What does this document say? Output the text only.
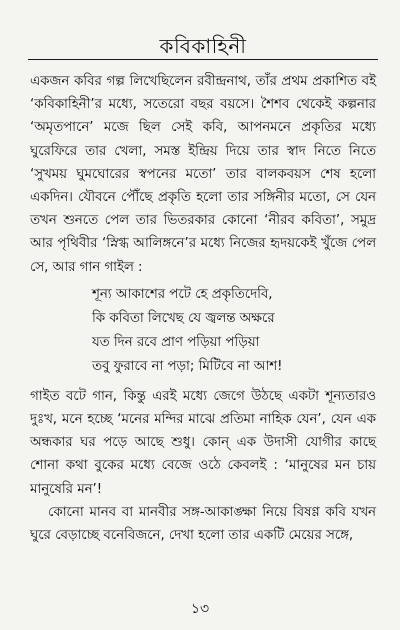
কবিকাহিনী

একজন কবির গল্প লিখেছিলেন রবীন্দ্রনাথ, তাঁর প্রথম প্রকাশিত বই ‘কবিকাহিনী’র মধ্যে, সতেরো বছর বয়সে। শৈশব থেকেই কল্পনার ‘অমৃতপানে’ মজে ছিল সেই কবি, আপনমনে প্রকৃতির মধ্যে ঘুরেফিরে তার খেলা, সমস্ত ইন্দ্রিয় দিয়ে তার স্বাদ নিতে নিতে ‘সুখময় ঘুমঘোরের স্বপনের মতো’ তার বালকবয়স শেষ হলো একদিন। যৌবনে পৌঁছে প্রকৃতি হলো তার সঙ্গিনীর মতো, সে যেন তখন শুনতে পেল তার ভিতরকার কোনো ‘নীরব কবিতা’, সমুদ্র আর পৃথিবীর ‘স্নিগ্ধ আলিঙ্গনে’র মধ্যে নিজের হৃদয়কেই খুঁজে পেল সে, আর গান গাইল :

শূন্য আকাশের পটে হে প্রকৃতিদেবি,
কি কবিতা লিখেছ যে জ্বলন্ত অক্ষরে
যত দিন রবে প্রাণ পড়িয়া পড়িয়া
তবু ফুরাবে না পড়া; মিটিবে না আশ!

গাইত বটে গান, কিন্তু এরই মধ্যে জেগে উঠছে একটা শূন্যতারও দুঃখ, মনে হচ্ছে ‘মনের মন্দির মাঝে প্রতিমা নাহিক যেন’, যেন এক অন্ধকার ঘর পড়ে আছে শুধু। কোন্ এক উদাসী যোগীর কাছে শোনা কথা বুকের মধ্যে বেজে ওঠে কেবলই : ‘মানুষের মন চায় মানুষেরি মন’!

কোনো মানব বা মানবীর সঙ্গ-আকাঙ্ক্ষা নিয়ে বিষণ্ণ কবি যখন ঘুরে বেড়াচ্ছে বনেবিজনে, দেখা হলো তার একটি মেয়ের সঙ্গে,

১৩
